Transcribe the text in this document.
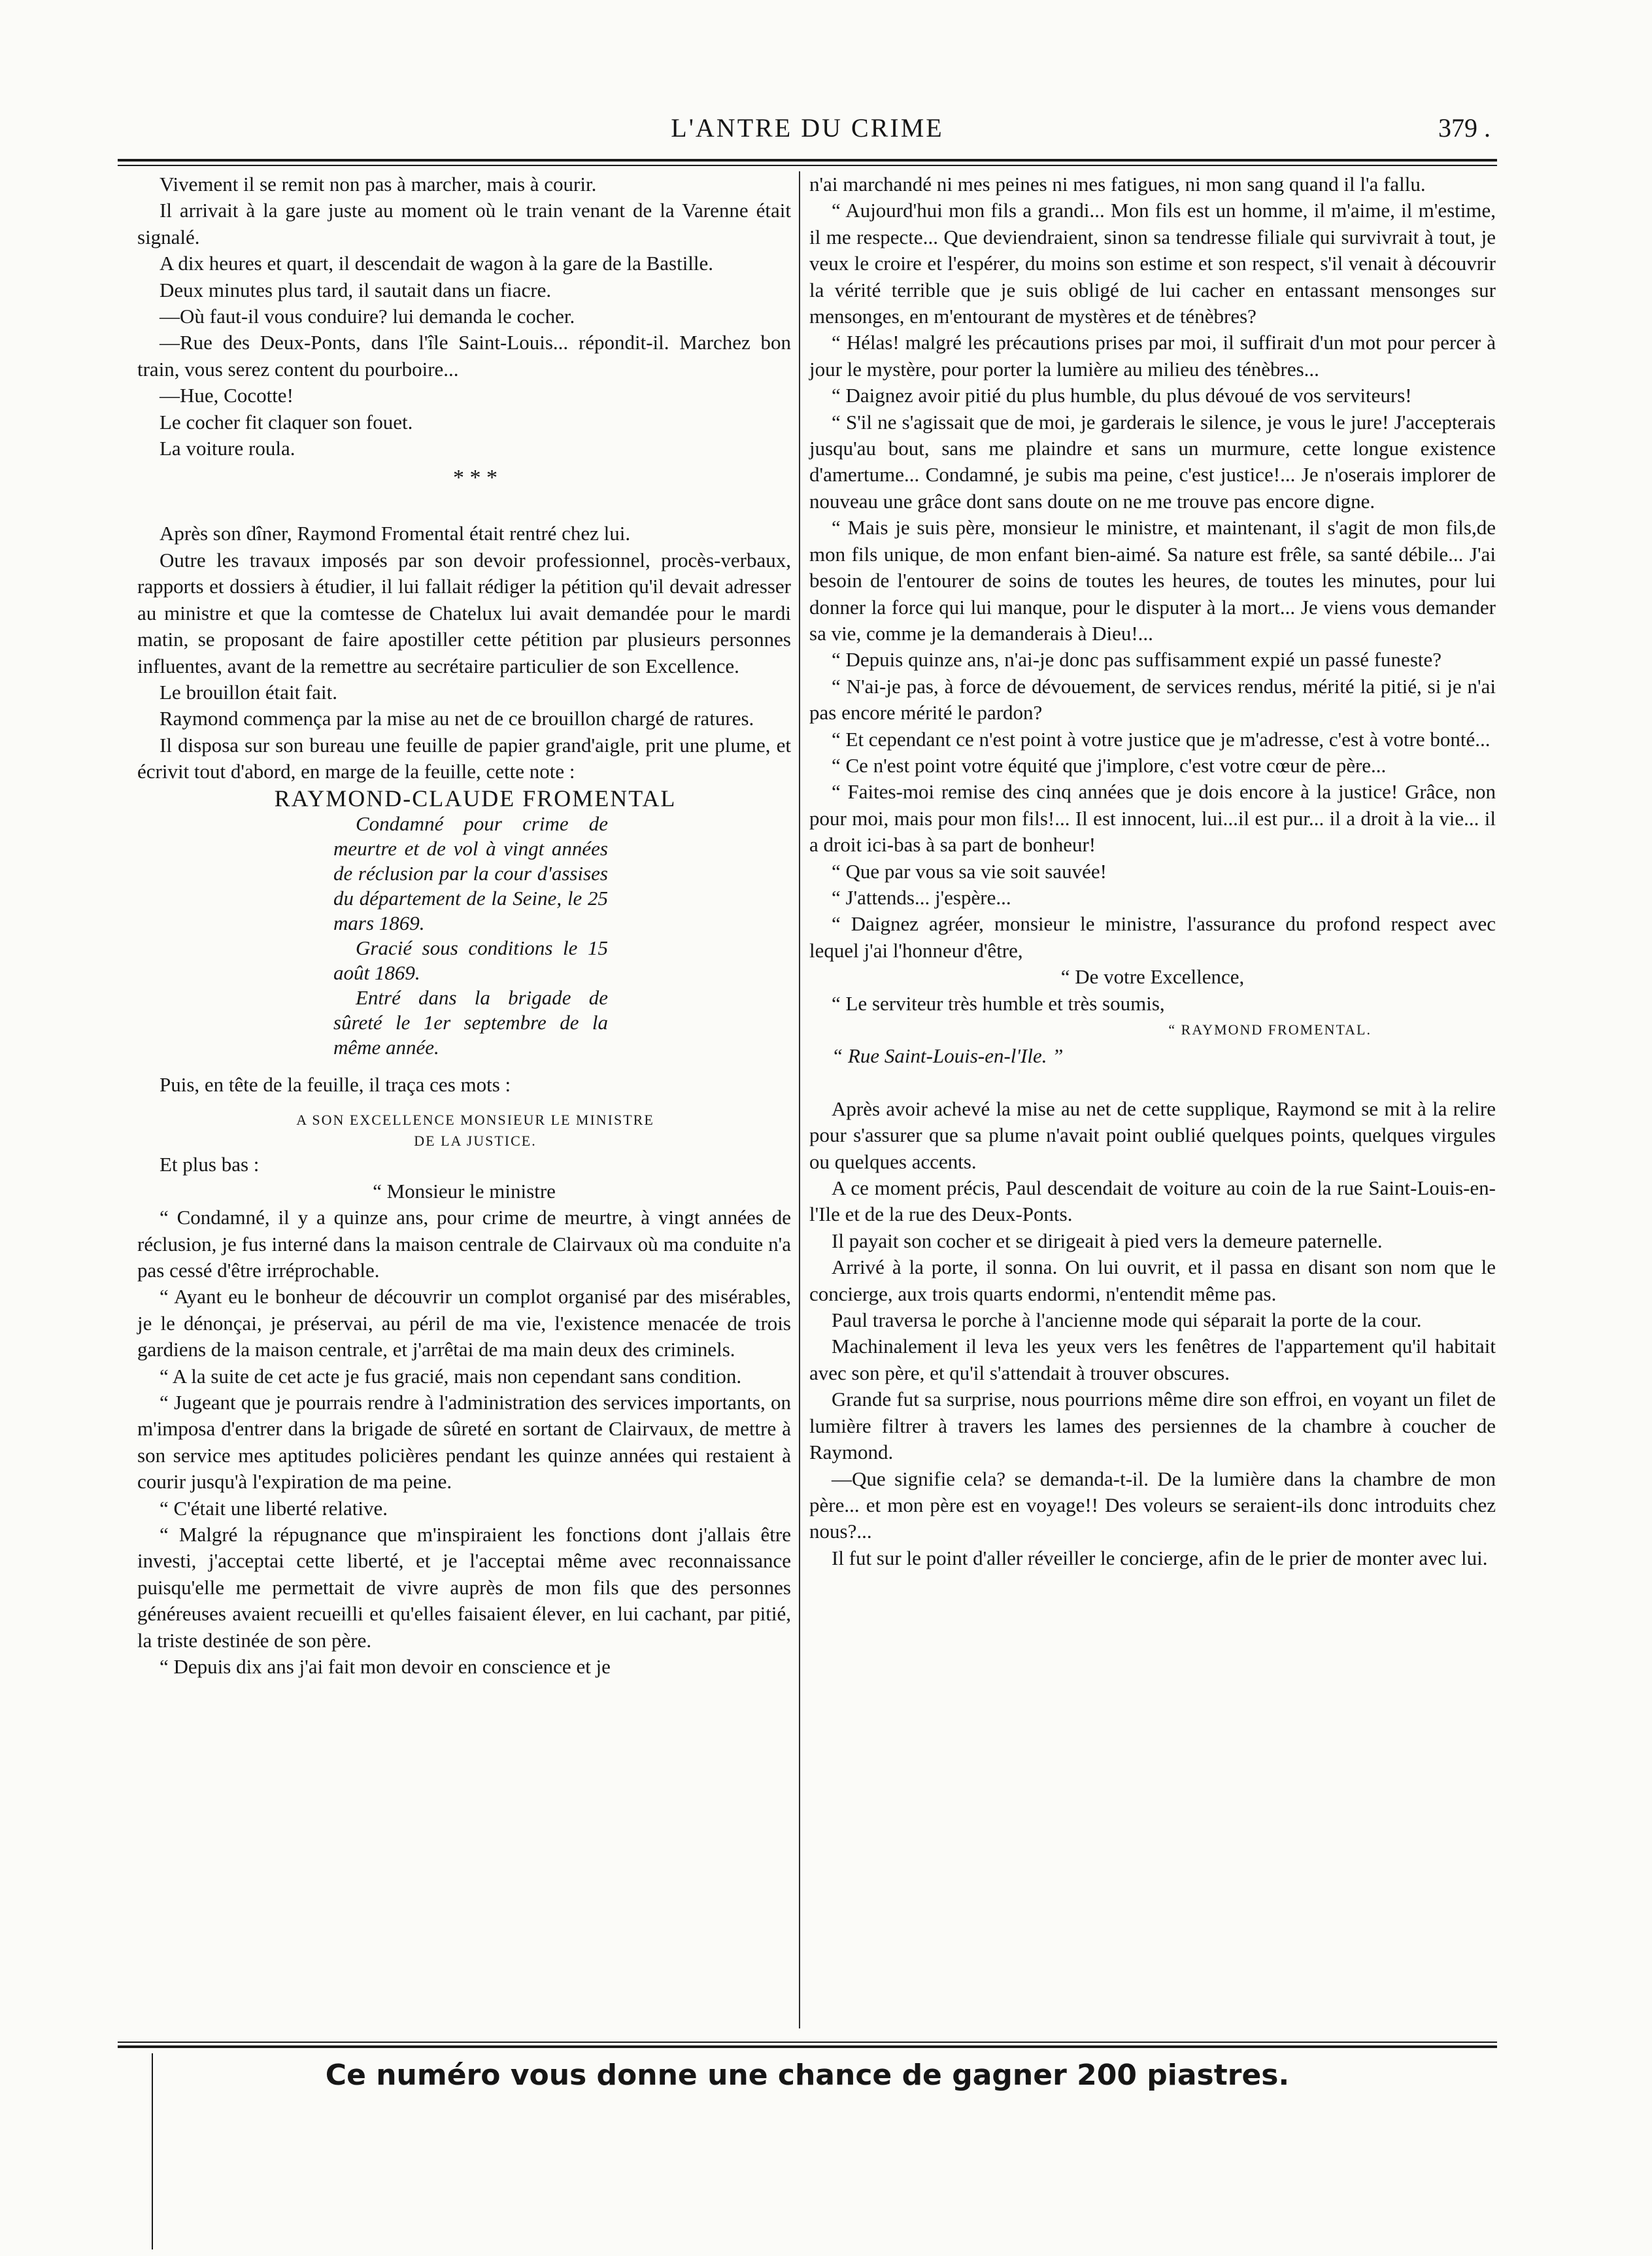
L'ANTRE DU CRIME	379 .

Vivement il se remit non pas à marcher, mais à courir.

Il arrivait à la gare juste au moment où le train venant de la Varenne était signalé.

A dix heures et quart, il descendait de wagon à la gare de la Bastille.

Deux minutes plus tard, il sautait dans un fiacre.

—Où faut-il vous conduire? lui demanda le cocher.

—Rue des Deux-Ponts, dans l'île Saint-Louis... répondit-il. Marchez bon train, vous serez content du pourboire...

—Hue, Cocotte!

Le cocher fit claquer son fouet.

La voiture roula.

* * *

Après son dîner, Raymond Fromental était rentré chez lui.

Outre les travaux imposés par son devoir professionnel, procès-verbaux, rapports et dossiers à étudier, il lui fallait rédiger la pétition qu'il devait adresser au ministre et que la comtesse de Chatelux lui avait demandée pour le mardi matin, se proposant de faire apostiller cette pétition par plusieurs personnes influentes, avant de la remettre au secrétaire particulier de son Excellence.

Le brouillon était fait.

Raymond commença par la mise au net de ce brouillon chargé de ratures.

Il disposa sur son bureau une feuille de papier grand'aigle, prit une plume, et écrivit tout d'abord, en marge de la feuille, cette note :

RAYMOND-CLAUDE FROMENTAL

Condamné pour crime de meurtre et de vol à vingt années de réclusion par la cour d'assises du département de la Seine, le 25 mars 1869.

Gracié sous conditions le 15 août 1869.

Entré dans la brigade de sûreté le 1er septembre de la même année.

Puis, en tête de la feuille, il traça ces mots :

A SON EXCELLENCE MONSIEUR LE MINISTRE

DE LA JUSTICE.

Et plus bas :

“ Monsieur le ministre

“ Condamné, il y a quinze ans, pour crime de meurtre, à vingt années de réclusion, je fus interné dans la maison centrale de Clairvaux où ma conduite n'a pas cessé d'être irréprochable.

“ Ayant eu le bonheur de découvrir un complot organisé par des misérables, je le dénonçai, je préservai, au péril de ma vie, l'existence menacée de trois gardiens de la maison centrale, et j'arrêtai de ma main deux des criminels.

“ A la suite de cet acte je fus gracié, mais non cependant sans condition.

“ Jugeant que je pourrais rendre à l'administration des services importants, on m'imposa d'entrer dans la brigade de sûreté en sortant de Clairvaux, de mettre à son service mes aptitudes policières pendant les quinze années qui restaient à courir jusqu'à l'expiration de ma peine.

“ C'était une liberté relative.

“ Malgré la répugnance que m'inspiraient les fonctions dont j'allais être investi, j'acceptai cette liberté, et je l'acceptai même avec reconnaissance puisqu'elle me permettait de vivre auprès de mon fils que des personnes généreuses avaient recueilli et qu'elles faisaient élever, en lui cachant, par pitié, la triste destinée de son père.

“ Depuis dix ans j'ai fait mon devoir en conscience et je

n'ai marchandé ni mes peines ni mes fatigues, ni mon sang quand il l'a fallu.

“ Aujourd'hui mon fils a grandi... Mon fils est un homme, il m'aime, il m'estime, il me respecte... Que deviendraient, sinon sa tendresse filiale qui survivrait à tout, je veux le croire et l'espérer, du moins son estime et son respect, s'il venait à découvrir la vérité terrible que je suis obligé de lui cacher en entassant mensonges sur mensonges, en m'entourant de mystères et de ténèbres?

“ Hélas! malgré les précautions prises par moi, il suffirait d'un mot pour percer à jour le mystère, pour porter la lumière au milieu des ténèbres...

“ Daignez avoir pitié du plus humble, du plus dévoué de vos serviteurs!

“ S'il ne s'agissait que de moi, je garderais le silence, je vous le jure! J'accepterais jusqu'au bout, sans me plaindre et sans un murmure, cette longue existence d'amertume... Condamné, je subis ma peine, c'est justice!... Je n'oserais implorer de nouveau une grâce dont sans doute on ne me trouve pas encore digne.

“ Mais je suis père, monsieur le ministre, et maintenant, il s'agit de mon fils,de mon fils unique, de mon enfant bien-aimé. Sa nature est frêle, sa santé débile... J'ai besoin de l'entourer de soins de toutes les heures, de toutes les minutes, pour lui donner la force qui lui manque, pour le disputer à la mort... Je viens vous demander sa vie, comme je la demanderais à Dieu!...

“ Depuis quinze ans, n'ai-je donc pas suffisamment expié un passé funeste?

“ N'ai-je pas, à force de dévouement, de services rendus, mérité la pitié, si je n'ai pas encore mérité le pardon?

“ Et cependant ce n'est point à votre justice que je m'adresse, c'est à votre bonté...

“ Ce n'est point votre équité que j'implore, c'est votre cœur de père...

“ Faites-moi remise des cinq années que je dois encore à la justice! Grâce, non pour moi, mais pour mon fils!... Il est innocent, lui...il est pur... il a droit à la vie... il a droit ici-bas à sa part de bonheur!

“ Que par vous sa vie soit sauvée!

“ J'attends... j'espère...

“ Daignez agréer, monsieur le ministre, l'assurance du profond respect avec lequel j'ai l'honneur d'être,

“ De votre Excellence,

“ Le serviteur très humble et très soumis,

“ RAYMOND FROMENTAL.

“ Rue Saint-Louis-en-l'Ile. ”

Après avoir achevé la mise au net de cette supplique, Raymond se mit à la relire pour s'assurer que sa plume n'avait point oublié quelques points, quelques virgules ou quelques accents.

A ce moment précis, Paul descendait de voiture au coin de la rue Saint-Louis-en-l'Ile et de la rue des Deux-Ponts.

Il payait son cocher et se dirigeait à pied vers la demeure paternelle.

Arrivé à la porte, il sonna. On lui ouvrit, et il passa en disant son nom que le concierge, aux trois quarts endormi, n'entendit même pas.

Paul traversa le porche à l'ancienne mode qui séparait la porte de la cour.

Machinalement il leva les yeux vers les fenêtres de l'appartement qu'il habitait avec son père, et qu'il s'attendait à trouver obscures.

Grande fut sa surprise, nous pourrions même dire son effroi, en voyant un filet de lumière filtrer à travers les lames des persiennes de la chambre à coucher de Raymond.

—Que signifie cela? se demanda-t-il. De la lumière dans la chambre de mon père... et mon père est en voyage!! Des voleurs se seraient-ils donc introduits chez nous?...

Il fut sur le point d'aller réveiller le concierge, afin de le prier de monter avec lui.

Ce numéro vous donne une chance de gagner 200 piastres.
